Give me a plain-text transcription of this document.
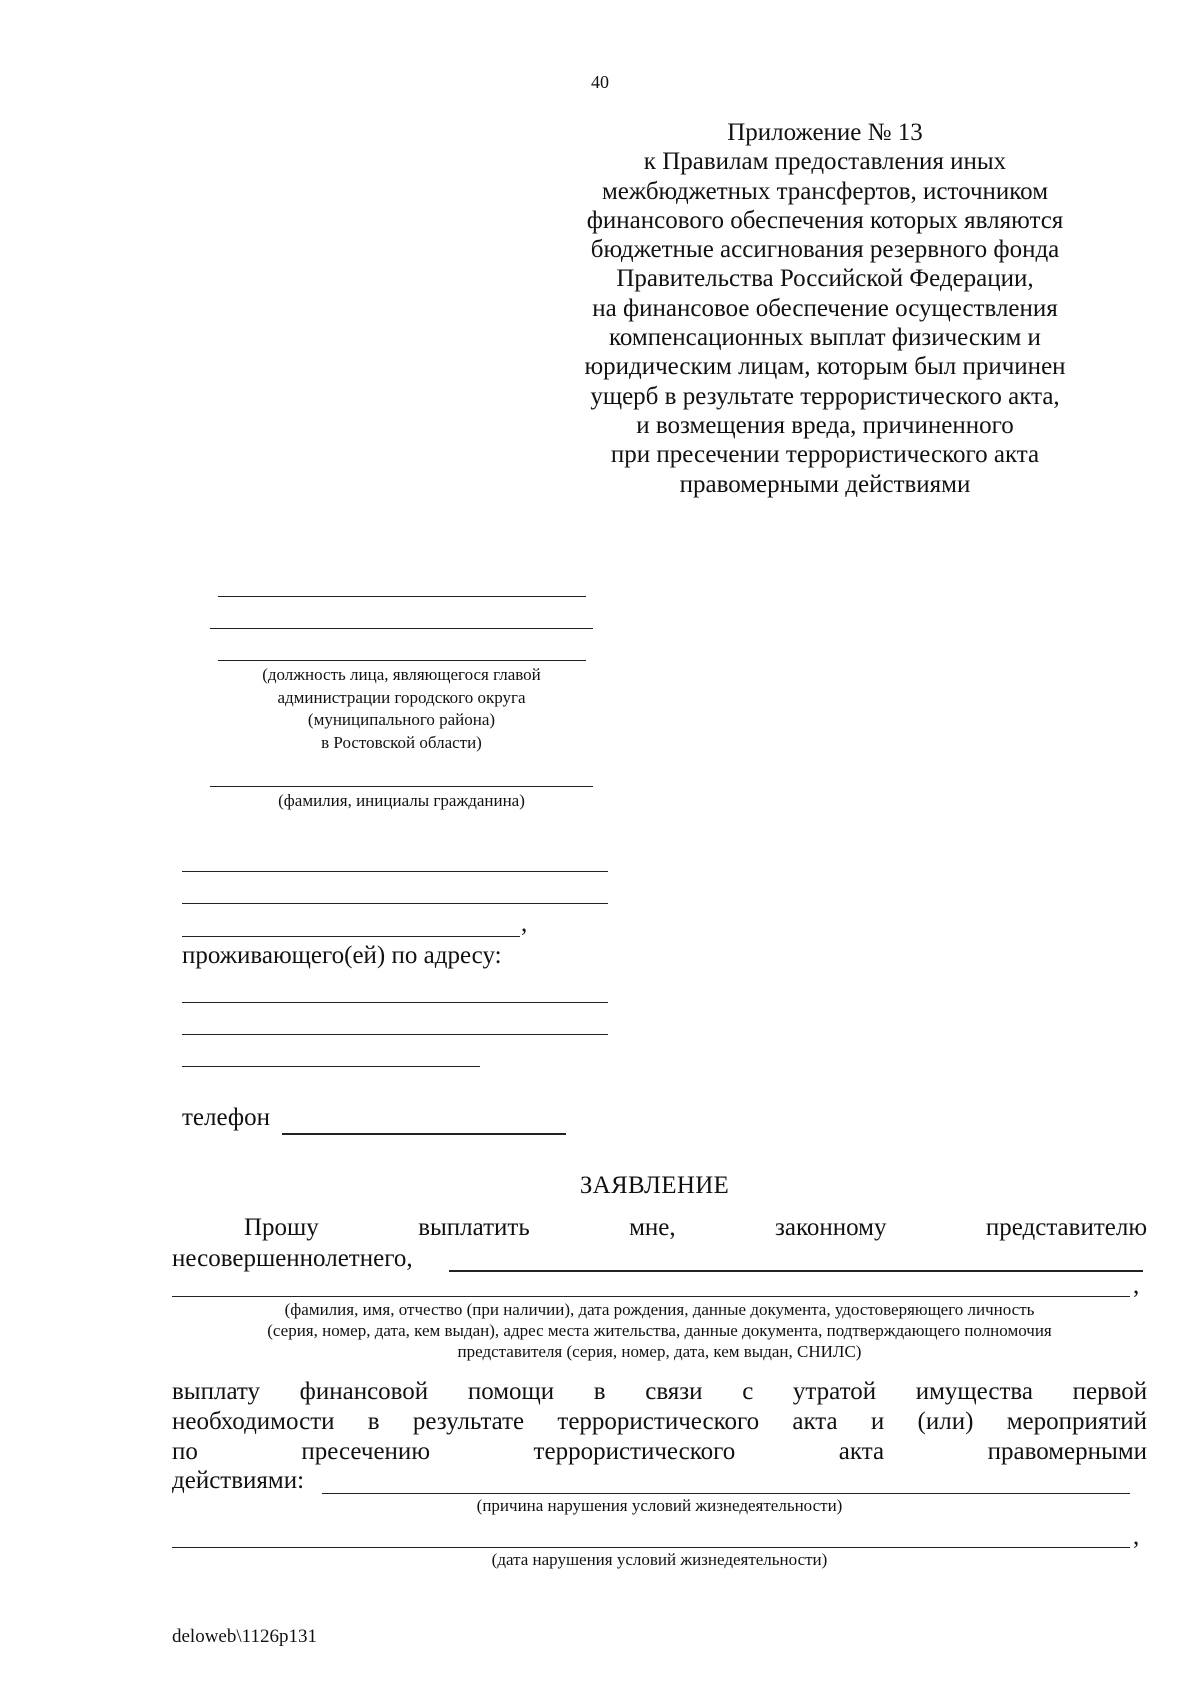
40
Приложение № 13
к Правилам предоставления иных
межбюджетных трансфертов, источником
финансового обеспечения которых являются
бюджетные ассигнования резервного фонда
Правительства Российской Федерации,
на финансовое обеспечение осуществления
компенсационных выплат физическим и
юридическим лицам, которым был причинен
ущерб в результате террористического акта,
и возмещения вреда, причиненного
при пресечении террористического акта
правомерными действиями
(должность лица, являющегося главой
администрации городского округа
(муниципального района)
в Ростовской области)
(фамилия, инициалы гражданина)
,
проживающего(ей) по адресу:
телефон
ЗАЯВЛЕНИЕ
Прошу	выплатить	мне,	законному	представителю
несовершеннолетнего,
,
(фамилия, имя, отчество (при наличии), дата рождения, данные документа, удостоверяющего личность
(серия, номер, дата, кем выдан), адрес места жительства, данные документа, подтверждающего полномочия
представителя (серия, номер, дата, кем выдан, СНИЛС)
выплату финансовой помощи в связи с утратой имущества первой
необходимости в результате террористического акта и (или) мероприятий
по пресечению	террористического	акта	правомерными
действиями:
(причина нарушения условий жизнедеятельности)
,
(дата нарушения условий жизнедеятельности)
deloweb\1126p131
